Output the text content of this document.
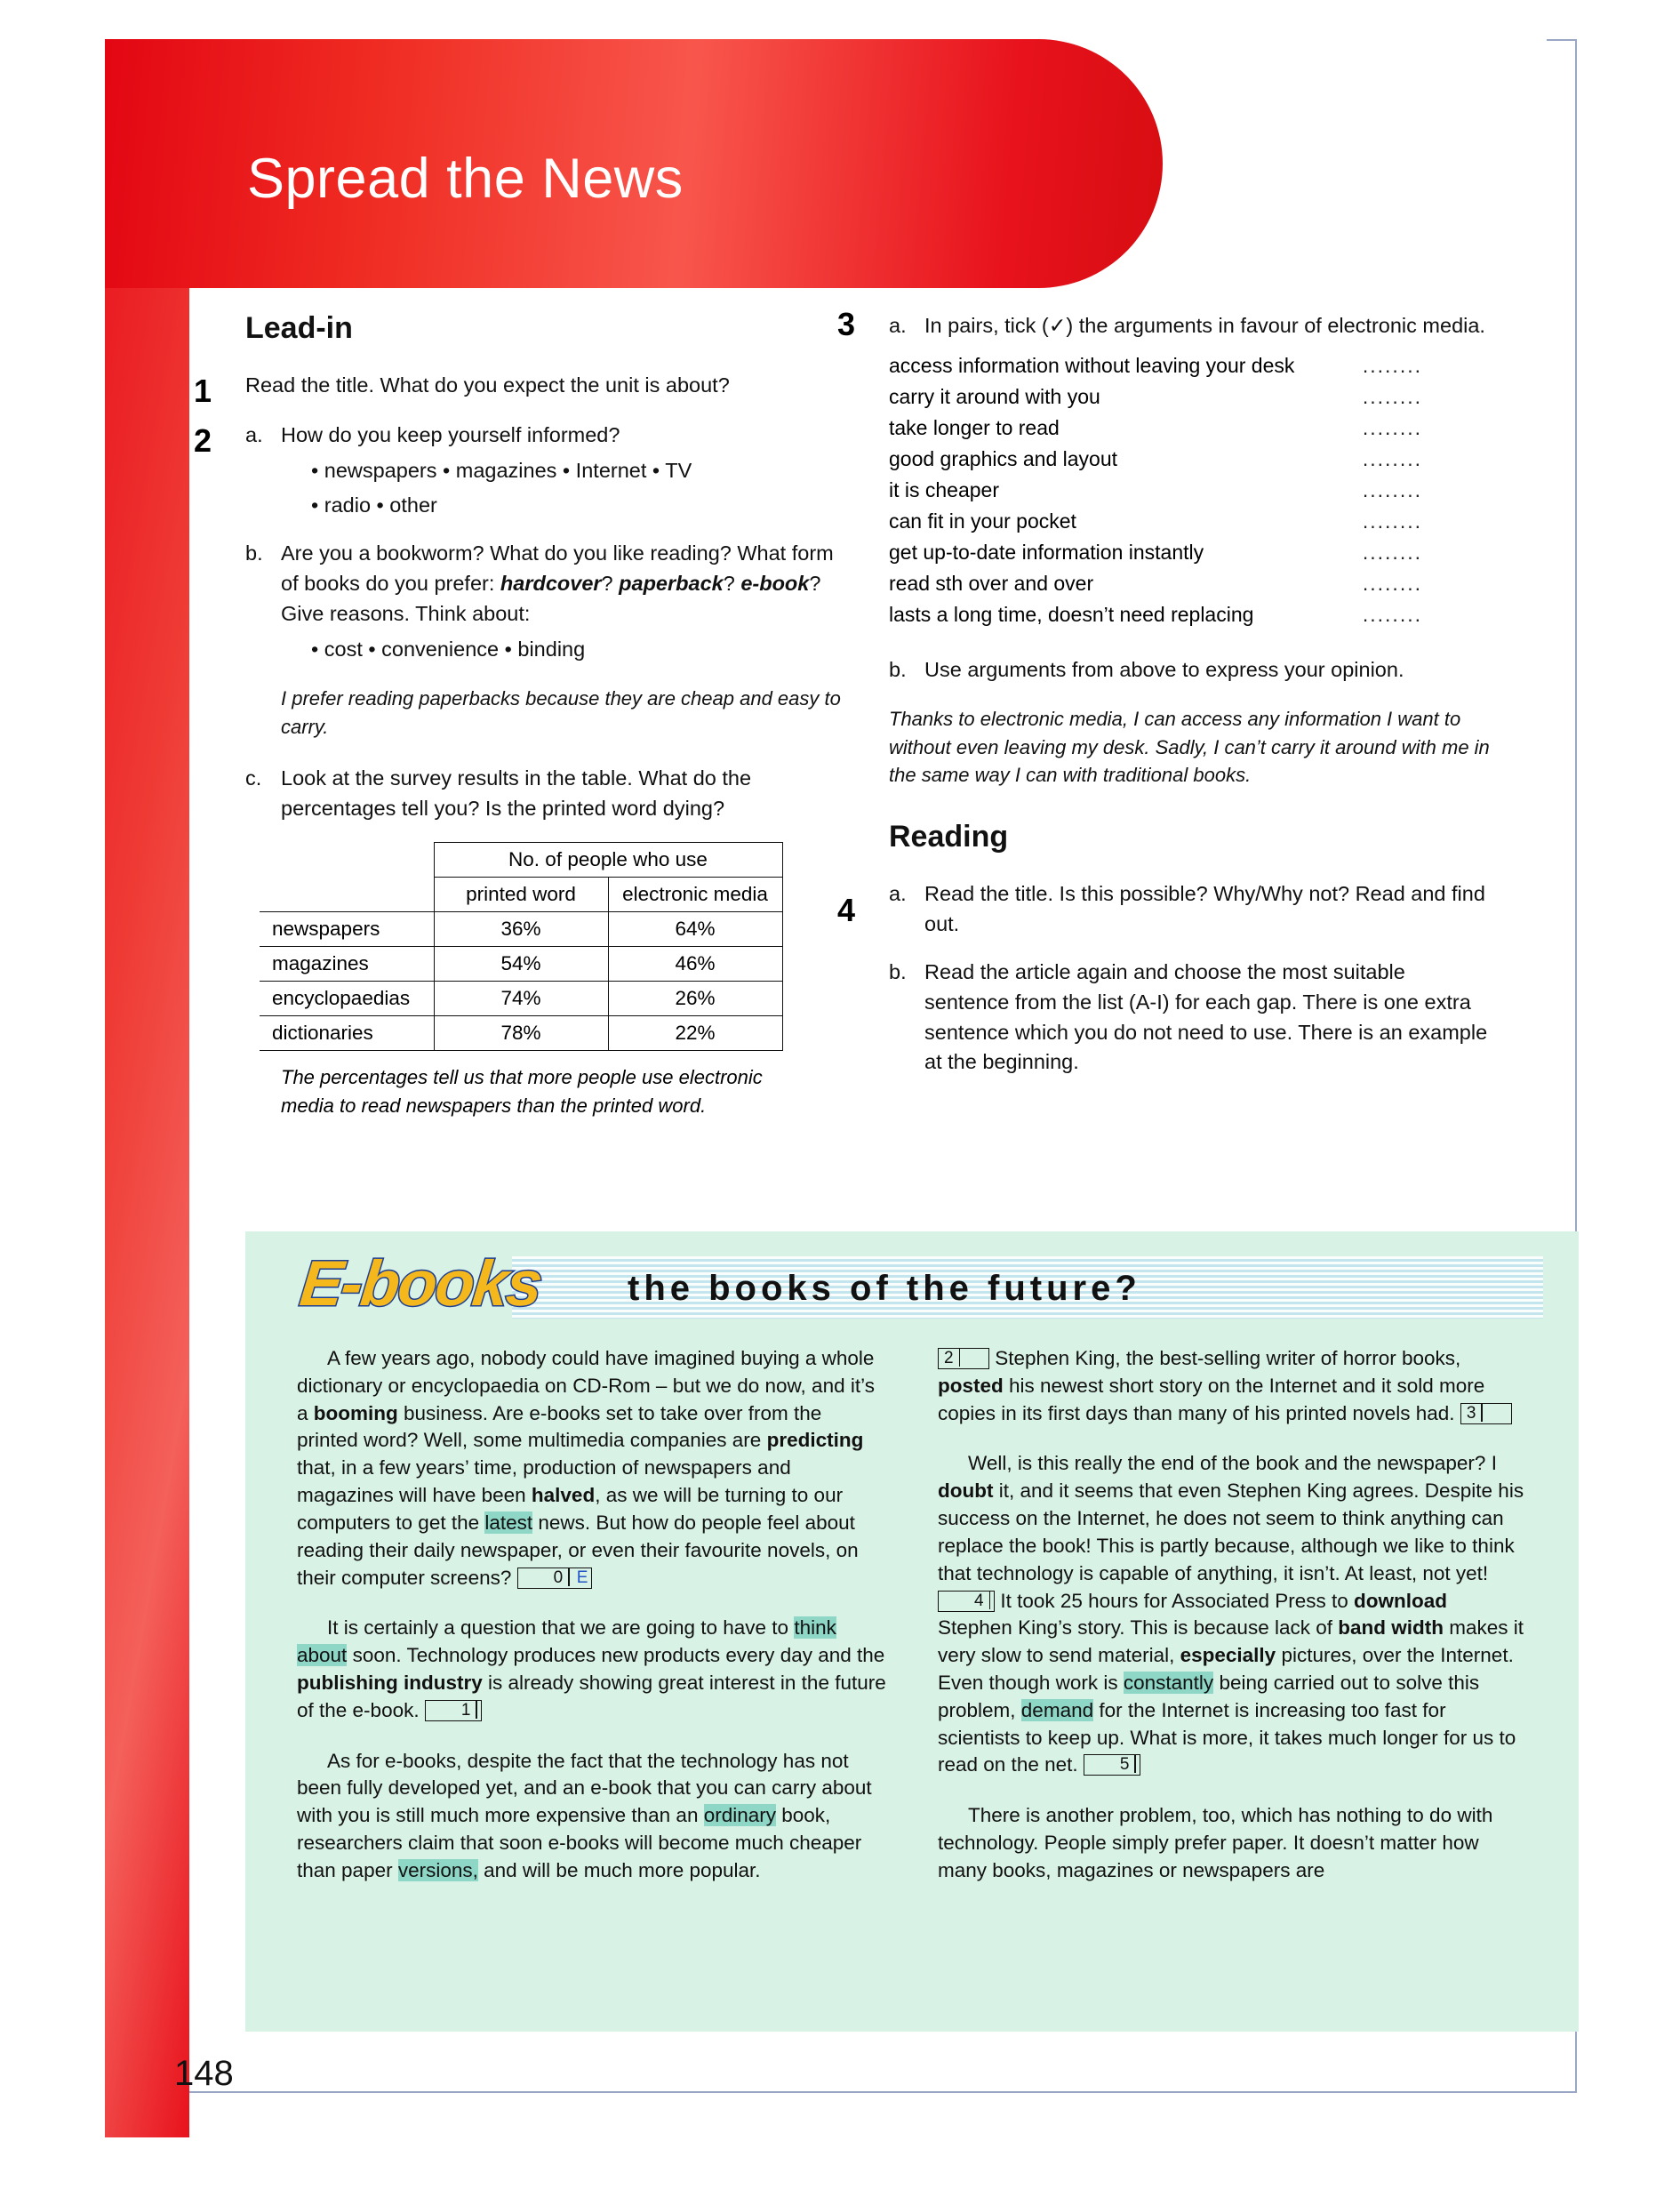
Spread the News
Lead-in
1 Read the title. What do you expect the unit is about?
2 a. How do you keep yourself informed?
• newspapers • magazines • Internet • TV
• radio • other
b. Are you a bookworm? What do you like reading? What form of books do you prefer: hardcover? paperback? e-book? Give reasons. Think about:
• cost • convenience • binding
I prefer reading paperbacks because they are cheap and easy to carry.
c. Look at the survey results in the table. What do the percentages tell you? Is the printed word dying?
	No. of people who use	
	printed word	electronic media
newspapers	36%	64%
magazines	54%	46%
encyclopaedias	74%	26%
dictionaries	78%	22%
The percentages tell us that more people use electronic media to read newspapers than the printed word.
3 a. In pairs, tick (✓) the arguments in favour of electronic media.
access information without leaving your desk	........
carry it around with you	........
take longer to read	........
good graphics and layout	........
it is cheaper	........
can fit in your pocket	........
get up-to-date information instantly	........
read sth over and over	........
lasts a long time, doesn’t need replacing	........
b. Use arguments from above to express your opinion.
Thanks to electronic media, I can access any information I want to without even leaving my desk. Sadly, I can’t carry it around with me in the same way I can with traditional books.
Reading
4 a. Read the title. Is this possible? Why/Why not? Read and find out.
b. Read the article again and choose the most suitable sentence from the list (A-I) for each gap. There is one extra sentence which you do not need to use. There is an example at the beginning.
E-books the books of the future?

A few years ago, nobody could have imagined buying a whole dictionary or encyclopaedia on CD-Rom – but we do now, and it’s a booming business. Are e-books set to take over from the printed word? Well, some multimedia companies are predicting that, in a few years’ time, production of newspapers and magazines will have been halved, as we will be turning to our computers to get the latest news. But how do people feel about reading their daily newspaper, or even their favourite novels, on their computer screens? 0 E

It is certainly a question that we are going to have to think about soon. Technology produces new products every day and the publishing industry is already showing great interest in the future of the e-book. 1

As for e-books, despite the fact that the technology has not been fully developed yet, and an e-book that you can carry about with you is still much more expensive than an ordinary book, researchers claim that soon e-books will become much cheaper than paper versions, and will be much more popular.

2 Stephen King, the best-selling writer of horror books, posted his newest short story on the Internet and it sold more copies in its first days than many of his printed novels had. 3

Well, is this really the end of the book and the newspaper? I doubt it, and it seems that even Stephen King agrees. Despite his success on the Internet, he does not seem to think anything can replace the book! This is partly because, although we like to think that technology is capable of anything, it isn’t. At least, not yet! 4 It took 25 hours for Associated Press to download Stephen King’s story. This is because lack of band width makes it very slow to send material, especially pictures, over the Internet. Even though work is constantly being carried out to solve this problem, demand for the Internet is increasing too fast for scientists to keep up. What is more, it takes much longer for us to read on the net. 5

There is another problem, too, which has nothing to do with technology. People simply prefer paper. It doesn’t matter how many books, magazines or newspapers are

148
